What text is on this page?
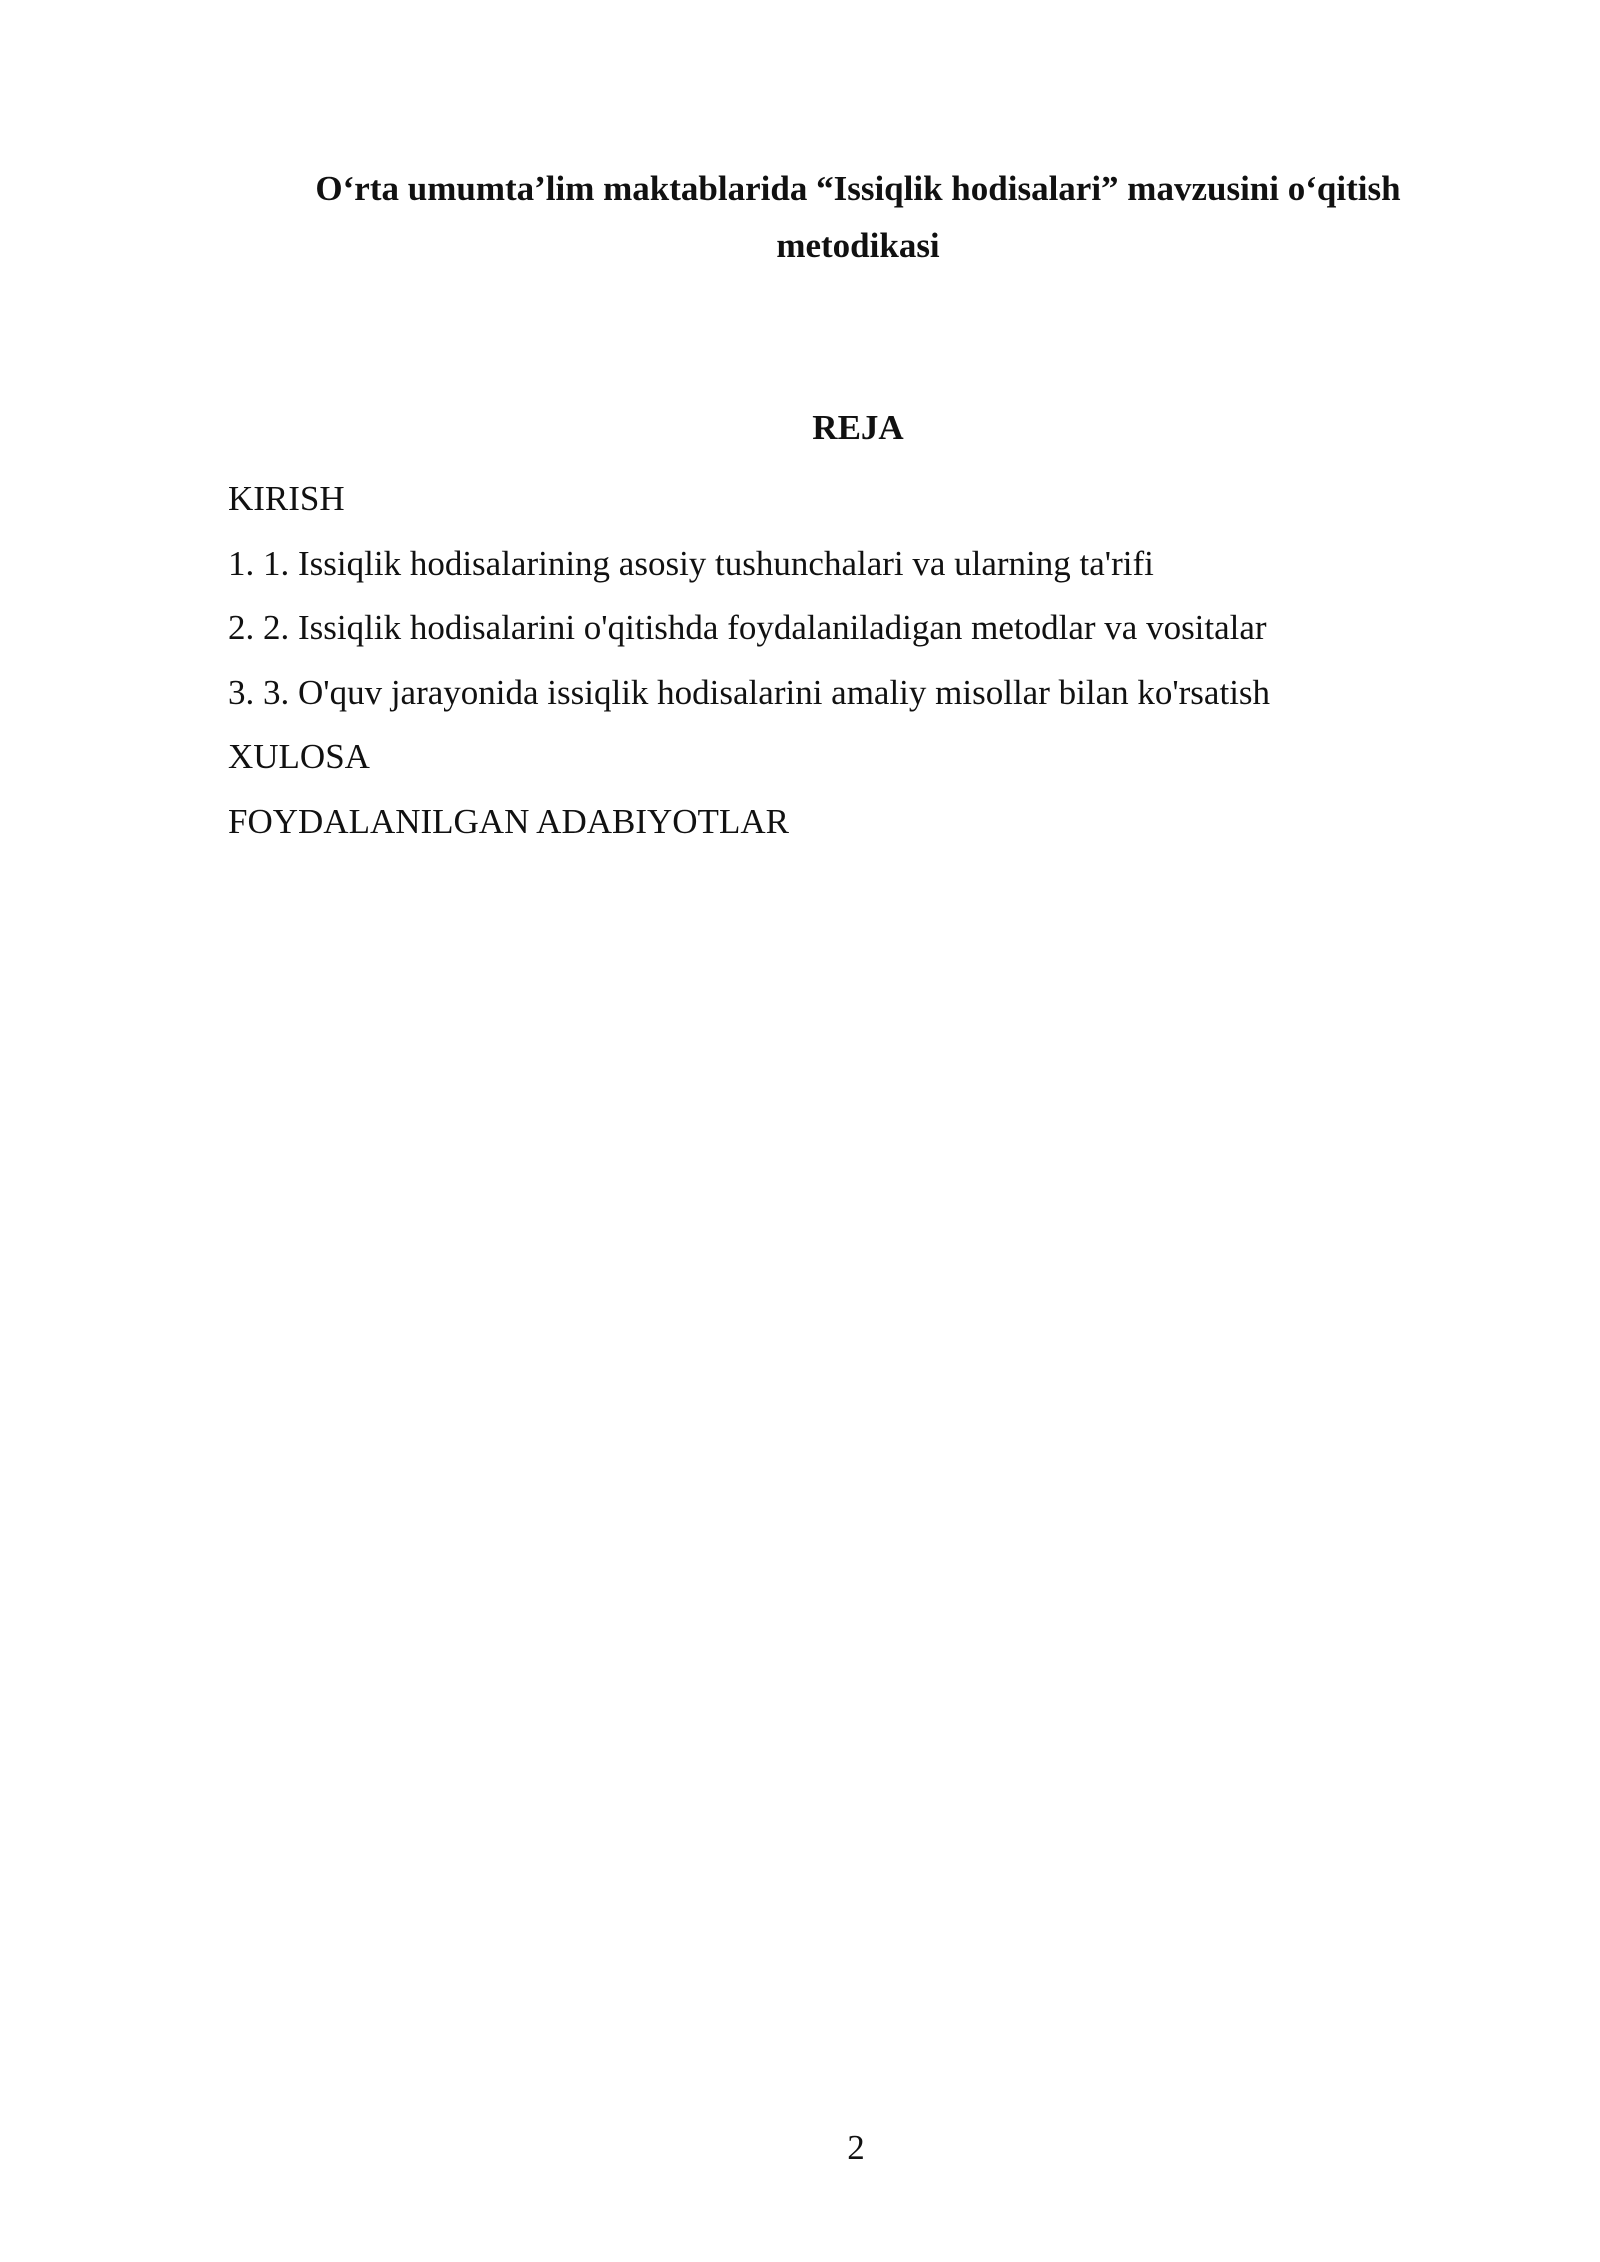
O‘rta umumta’lim maktablarida “Issiqlik hodisalari” mavzusini o‘qitish
metodikasi
REJA
KIRISH
1. 1. Issiqlik hodisalarining asosiy tushunchalari va ularning ta'rifi
2. 2. Issiqlik hodisalarini o'qitishda foydalaniladigan metodlar va vositalar
3. 3. O'quv jarayonida issiqlik hodisalarini amaliy misollar bilan ko'rsatish
XULOSA
FOYDALANILGAN ADABIYOTLAR
2
